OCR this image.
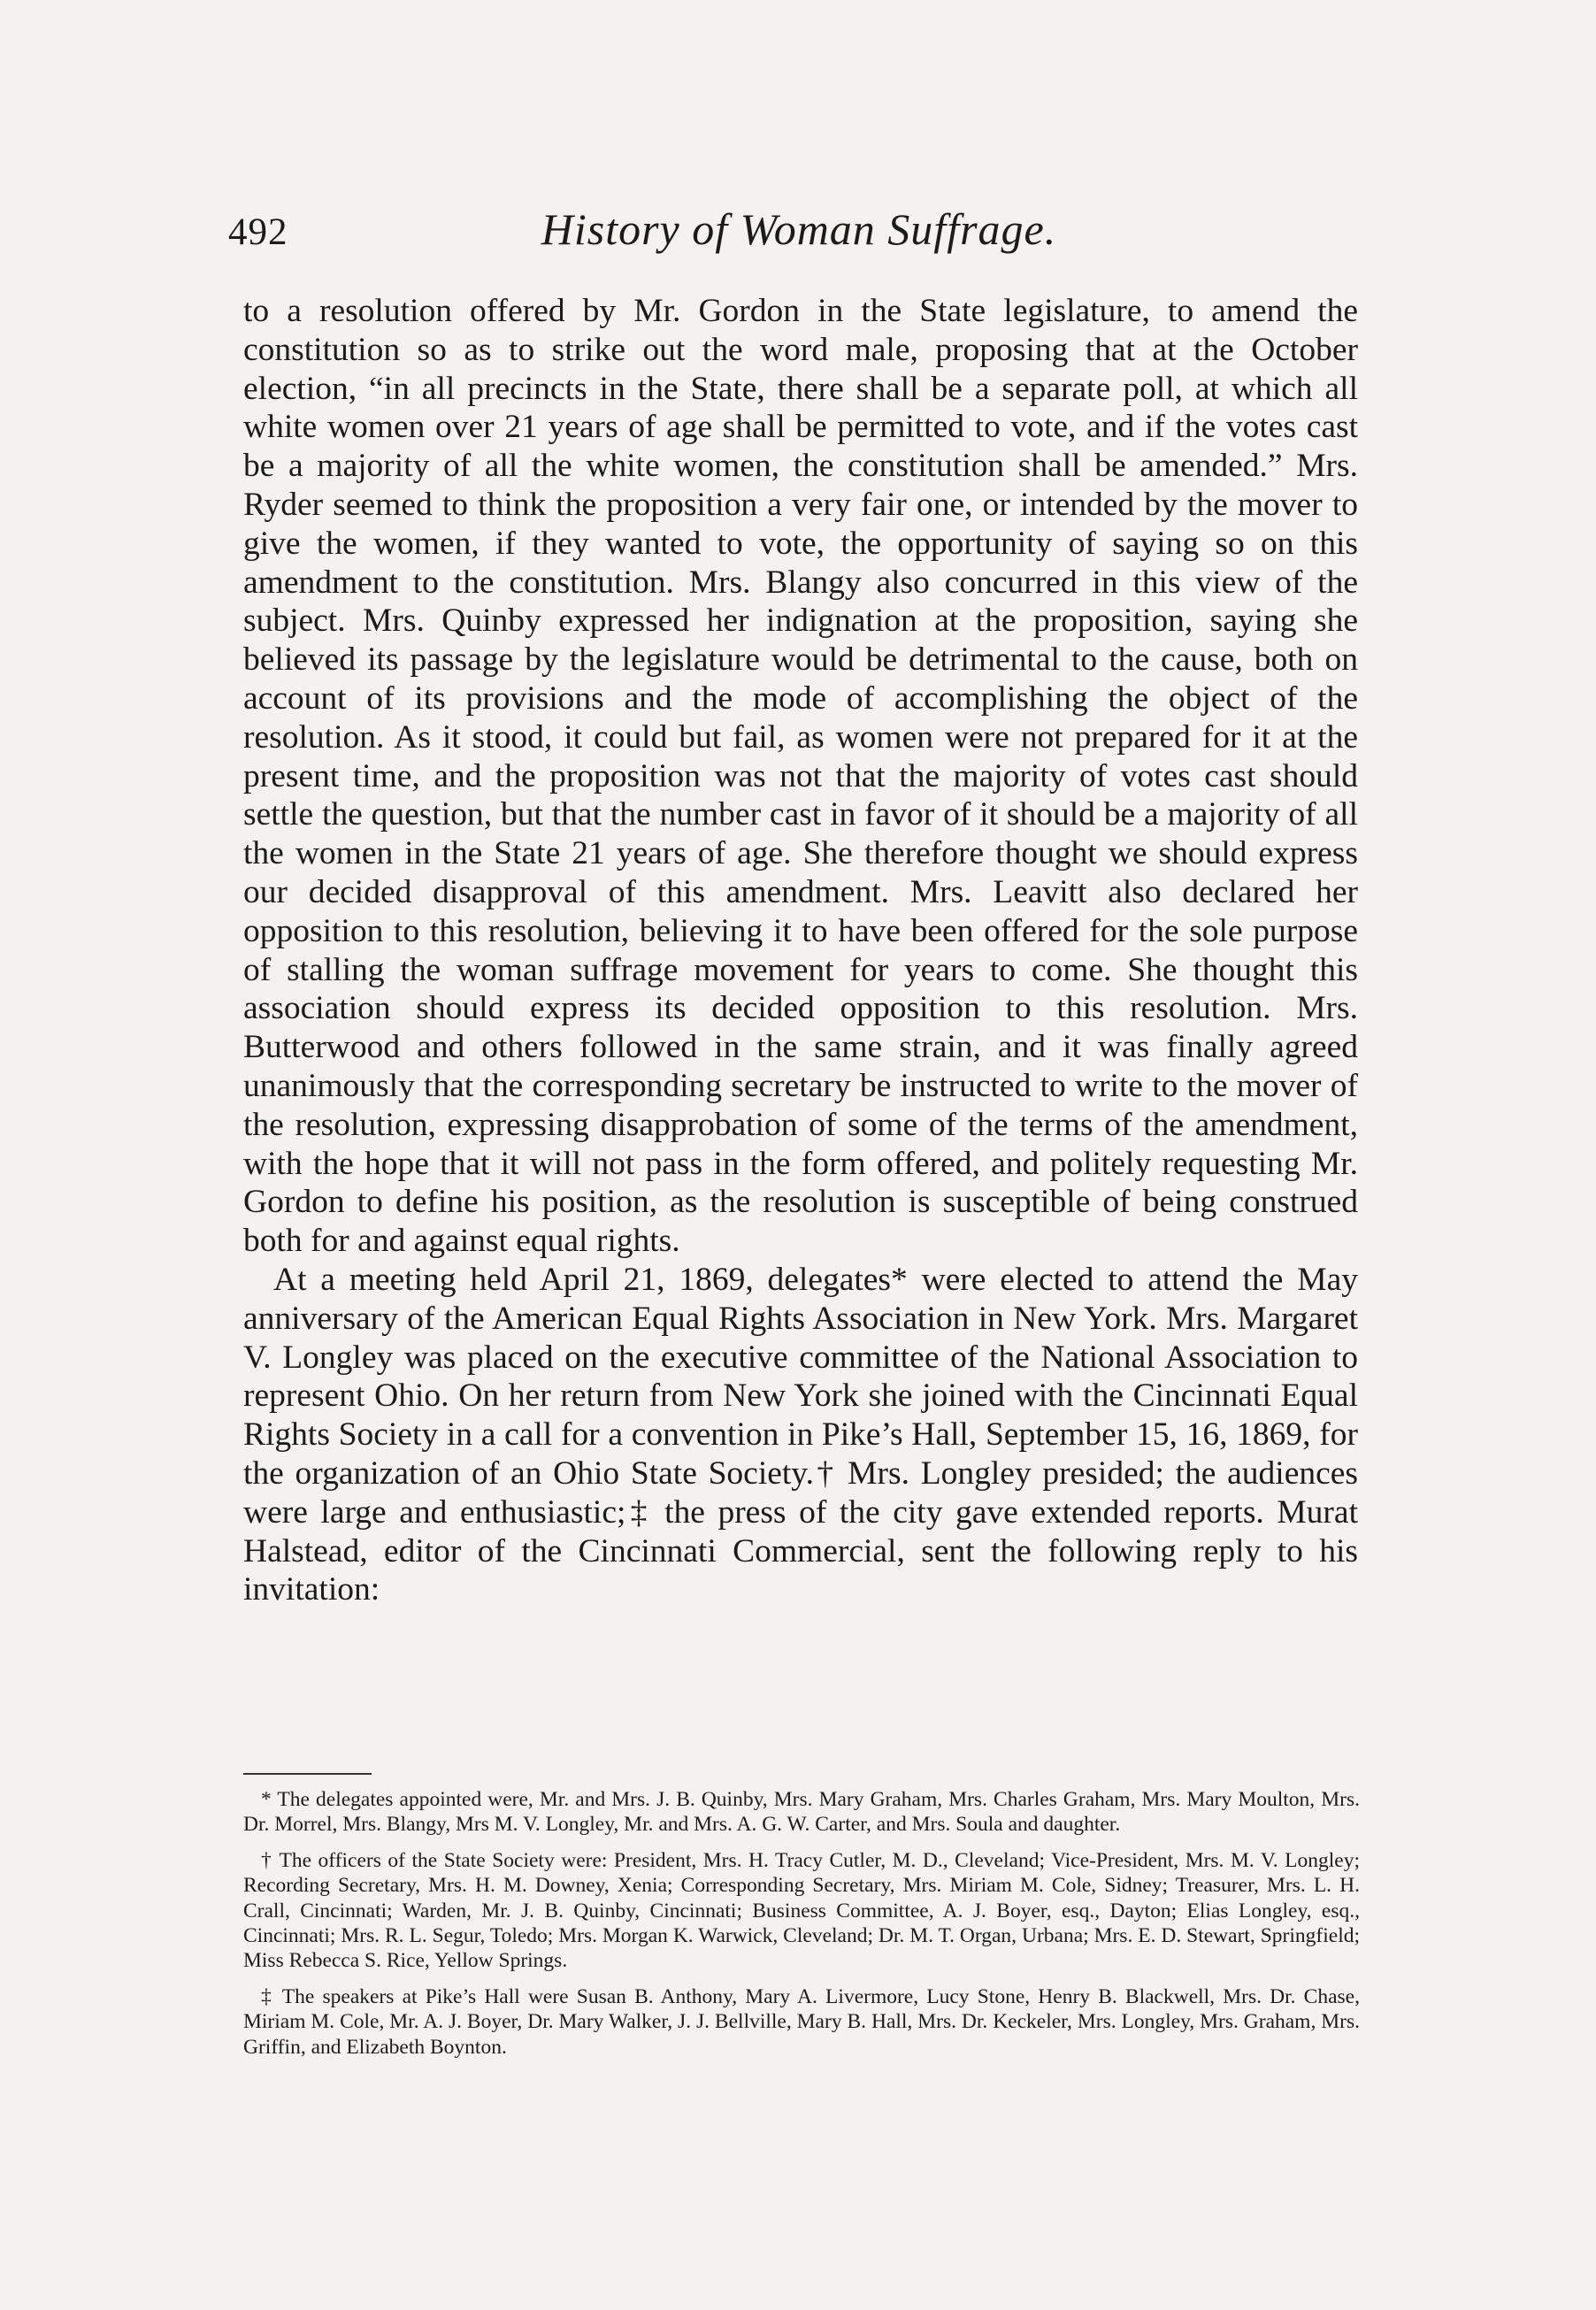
492	History of Woman Suffrage.

to a resolution offered by Mr. Gordon in the State legislature, to amend the constitution so as to strike out the word male, proposing that at the October election, “in all precincts in the State, there shall be a separate poll, at which all white women over 21 years of age shall be permitted to vote, and if the votes cast be a majority of all the white women, the constitution shall be amended.” Mrs. Ryder seemed to think the proposition a very fair one, or intended by the mover to give the women, if they wanted to vote, the opportunity of saying so on this amendment to the constitution. Mrs. Blangy also concurred in this view of the subject. Mrs. Quinby expressed her indignation at the proposition, saying she believed its passage by the legislature would be detrimental to the cause, both on account of its provisions and the mode of accomplishing the object of the resolution. As it stood, it could but fail, as women were not prepared for it at the present time, and the proposition was not that the majority of votes cast should settle the question, but that the number cast in favor of it should be a majority of all the women in the State 21 years of age. She therefore thought we should express our decided disapproval of this amendment. Mrs. Leavitt also declared her opposition to this resolution, believing it to have been offered for the sole purpose of stalling the woman suffrage movement for years to come. She thought this association should express its decided opposition to this resolution. Mrs. Butterwood and others followed in the same strain, and it was finally agreed unanimously that the corresponding secretary be instructed to write to the mover of the resolution, expressing disapprobation of some of the terms of the amendment, with the hope that it will not pass in the form offered, and politely requesting Mr. Gordon to define his position, as the resolution is susceptible of being construed both for and against equal rights.

At a meeting held April 21, 1869, delegates* were elected to attend the May anniversary of the American Equal Rights Association in New York. Mrs. Margaret V. Longley was placed on the executive committee of the National Association to represent Ohio. On her return from New York she joined with the Cincinnati Equal Rights Society in a call for a convention in Pike’s Hall, September 15, 16, 1869, for the organization of an Ohio State Society.† Mrs. Longley presided; the audiences were large and enthusiastic;‡ the press of the city gave extended reports. Murat Halstead, editor of the Cincinnati Commercial, sent the following reply to his invitation:

* The delegates appointed were, Mr. and Mrs. J. B. Quinby, Mrs. Mary Graham, Mrs. Charles Graham, Mrs. Mary Moulton, Mrs. Dr. Morrel, Mrs. Blangy, Mrs M. V. Longley, Mr. and Mrs. A. G. W. Carter, and Mrs. Soula and daughter.

† The officers of the State Society were: President, Mrs. H. Tracy Cutler, M. D., Cleveland; Vice-President, Mrs. M. V. Longley; Recording Secretary, Mrs. H. M. Downey, Xenia; Corresponding Secretary, Mrs. Miriam M. Cole, Sidney; Treasurer, Mrs. L. H. Crall, Cincinnati; Warden, Mr. J. B. Quinby, Cincinnati; Business Committee, A. J. Boyer, esq., Dayton; Elias Longley, esq., Cincinnati; Mrs. R. L. Segur, Toledo; Mrs. Morgan K. Warwick, Cleveland; Dr. M. T. Organ, Urbana; Mrs. E. D. Stewart, Springfield; Miss Rebecca S. Rice, Yellow Springs.

‡ The speakers at Pike’s Hall were Susan B. Anthony, Mary A. Livermore, Lucy Stone, Henry B. Blackwell, Mrs. Dr. Chase, Miriam M. Cole, Mr. A. J. Boyer, Dr. Mary Walker, J. J. Bellville, Mary B. Hall, Mrs. Dr. Keckeler, Mrs. Longley, Mrs. Graham, Mrs. Griffin, and Elizabeth Boynton.
